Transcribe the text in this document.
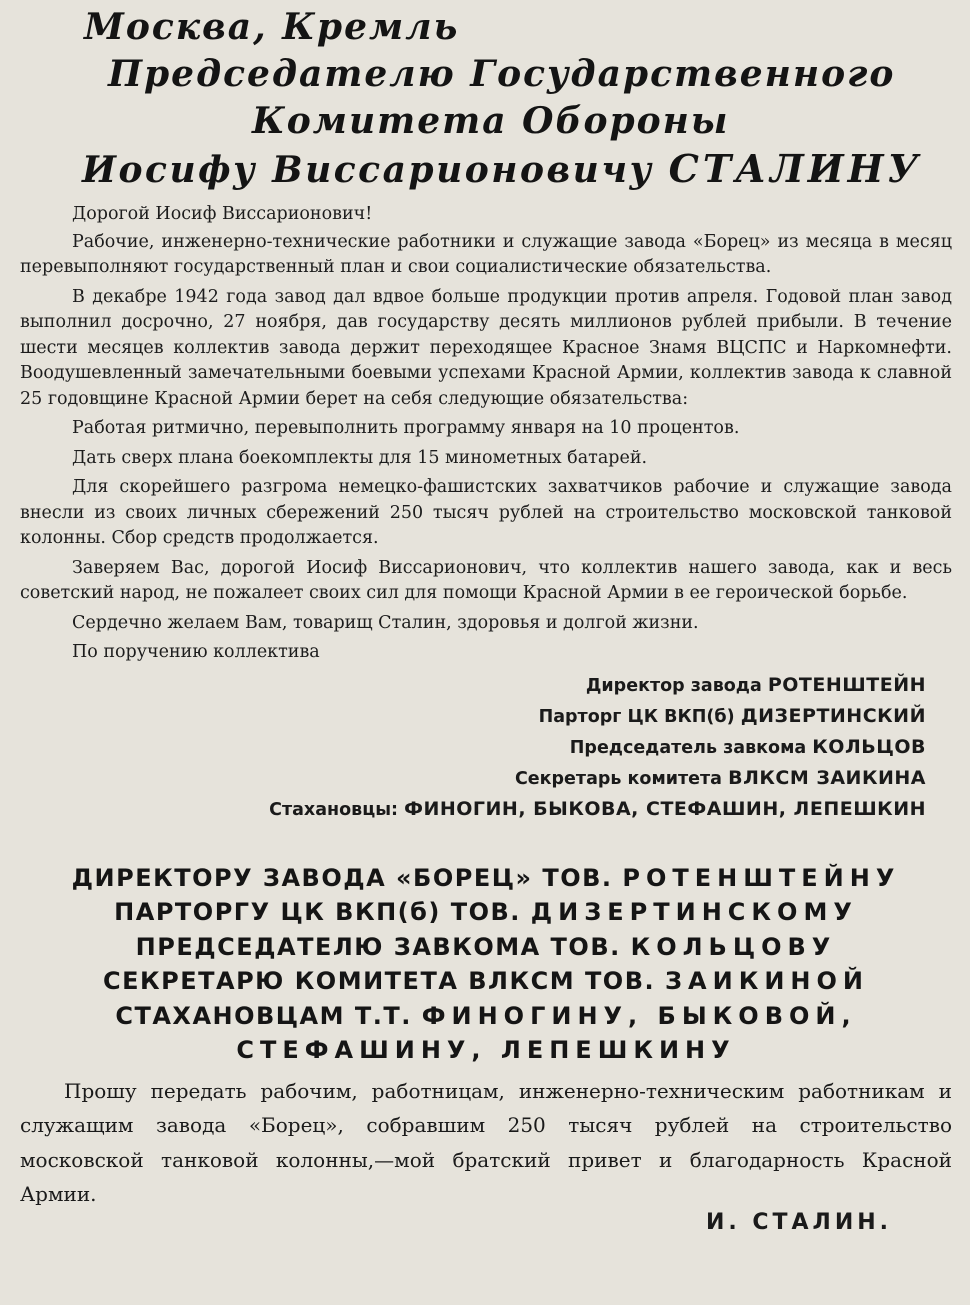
Москва, Кремль
Председателю Государственного
Комитета Обороны
Иосифу Виссарионовичу СТАЛИНУ

Дорогой Иосиф Виссарионович!

Рабочие, инженерно-технические работники и служащие завода «Борец» из месяца в месяц перевыполняют государственный план и свои социалистические обязательства.

В декабре 1942 года завод дал вдвое больше продукции против апреля. Годовой план завод выполнил досрочно, 27 ноября, дав государству десять миллионов рублей прибыли. В течение шести месяцев коллектив завода держит переходящее Красное Знамя ВЦСПС и Наркомнефти. Воодушевленный замечательными боевыми успехами Красной Армии, коллектив завода к славной 25 годовщине Красной Армии берет на себя следующие обязательства:

Работая ритмично, перевыполнить программу января на 10 процентов.

Дать сверх плана боекомплекты для 15 минометных батарей.

Для скорейшего разгрома немецко-фашистских захватчиков рабочие и служащие завода внесли из своих личных сбережений 250 тысяч рублей на строительство московской танковой колонны. Сбор средств продолжается.

Заверяем Вас, дорогой Иосиф Виссарионович, что коллектив нашего завода, как и весь советский народ, не пожалеет своих сил для помощи Красной Армии в ее героической борьбе.

Сердечно желаем Вам, товарищ Сталин, здоровья и долгой жизни.

По поручению коллектива

Директор завода РОТЕНШТЕЙН
Парторг ЦК ВКП(б) ДИЗЕРТИНСКИЙ
Председатель завкома КОЛЬЦОВ
Секретарь комитета ВЛКСМ ЗАИКИНА
Стахановцы: ФИНОГИН, БЫКОВА, СТЕФАШИН, ЛЕПЕШКИН
ДИРЕКТОРУ ЗАВОДА «БОРЕЦ» ТОВ. РОТЕНШТЕЙНУ
ПАРТОРГУ ЦК ВКП(б) ТОВ. ДИЗЕРТИНСКОМУ
ПРЕДСЕДАТЕЛЮ ЗАВКОМА ТОВ. КОЛЬЦОВУ
СЕКРЕТАРЮ КОМИТЕТА ВЛКСМ ТОВ. ЗАИКИНОЙ
СТАХАНОВЦАМ Т.Т. ФИНОГИНУ, БЫКОВОЙ,
СТЕФАШИНУ, ЛЕПЕШКИНУ
Прошу передать рабочим, работницам, инженерно-техническим работникам и служащим завода «Борец», собравшим 250 тысяч рублей на строительство московской танковой колонны,—мой братский привет и благодарность Красной Армии.
И. СТАЛИН.
